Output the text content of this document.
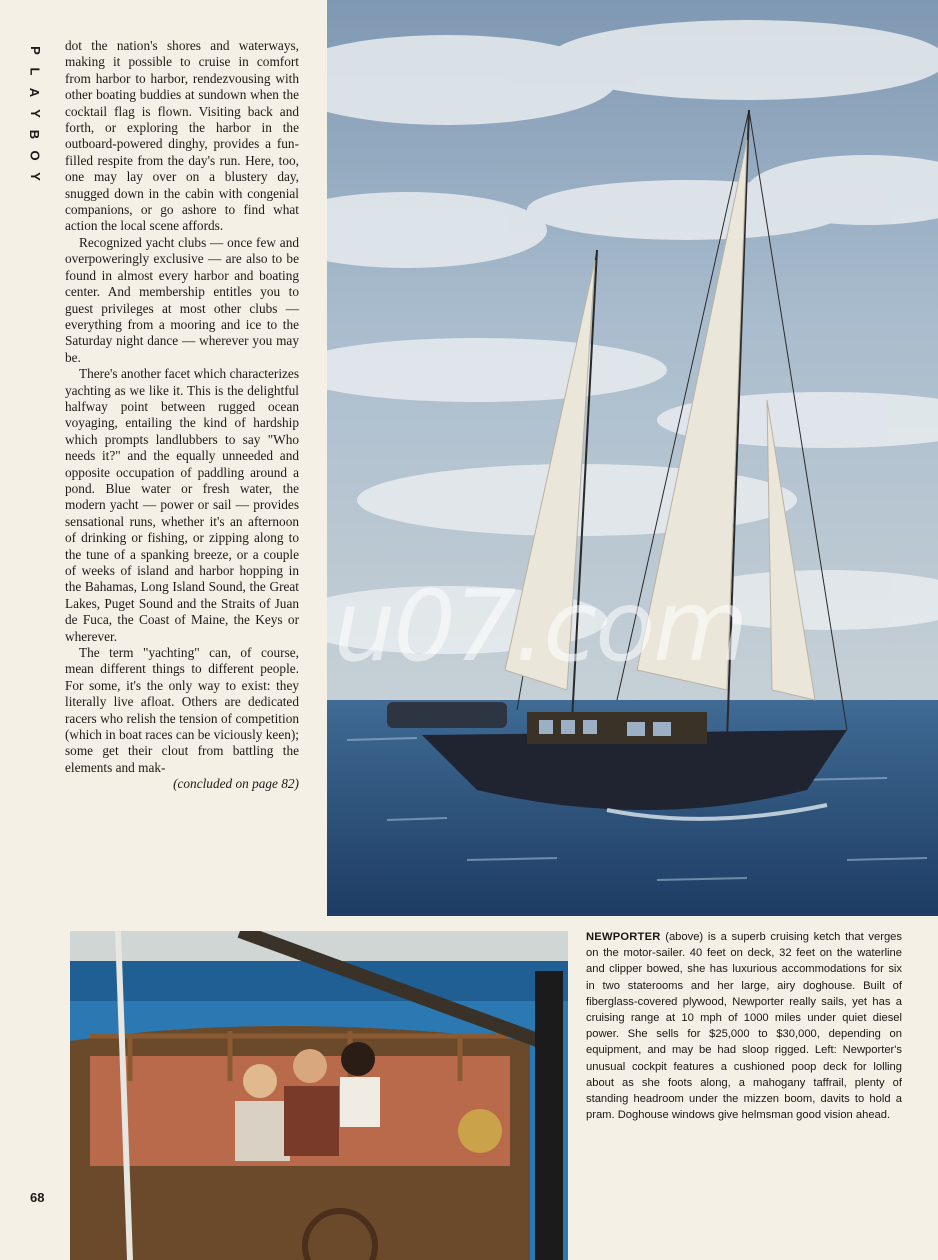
P
L
A
Y
B
O
Y

dot the nation's shores and waterways, making it possible to cruise in comfort from harbor to harbor, rendezvousing with other boating buddies at sundown when the cocktail flag is flown. Visiting back and forth, or exploring the harbor in the outboard-powered dinghy, provides a fun-filled respite from the day's run. Here, too, one may lay over on a blustery day, snugged down in the cabin with congenial companions, or go ashore to find what action the local scene affords.

Recognized yacht clubs — once few and overpoweringly exclusive — are also to be found in almost every harbor and boating center. And membership entitles you to guest privileges at most other clubs — everything from a mooring and ice to the Saturday night dance — wherever you may be.

There's another facet which characterizes yachting as we like it. This is the delightful halfway point between rugged ocean voyaging, entailing the kind of hardship which prompts landlubbers to say "Who needs it?" and the equally unneeded and opposite occupation of paddling around a pond. Blue water or fresh water, the modern yacht — power or sail — provides sensational runs, whether it's an afternoon of drinking or fishing, or zipping along to the tune of a spanking breeze, or a couple of weeks of island and harbor hopping in the Bahamas, Long Island Sound, the Great Lakes, Puget Sound and the Straits of Juan de Fuca, the Coast of Maine, the Keys or wherever.

The term "yachting" can, of course, mean different things to different people. For some, it's the only way to exist: they literally live afloat. Others are dedicated racers who relish the tension of competition (which in boat races can be viciously keen); some get their clout from battling the elements and mak-

(concluded on page 82)
u07.com
NEWPORTER (above) is a superb cruising ketch that verges on the motor-sailer. 40 feet on deck, 32 feet on the waterline and clipper bowed, she has luxurious accommodations for six in two staterooms and her large, airy doghouse. Built of fiberglass-covered plywood, Newporter really sails, yet has a cruising range at 10 mph of 1000 miles under quiet diesel power. She sells for $25,000 to $30,000, depending on equipment, and may be had sloop rigged. Left: Newporter's unusual cockpit features a cushioned poop deck for lolling about as she foots along, a mahogany taffrail, plenty of standing headroom under the mizzen boom, davits to hold a pram. Doghouse windows give helmsman good vision ahead.
68
